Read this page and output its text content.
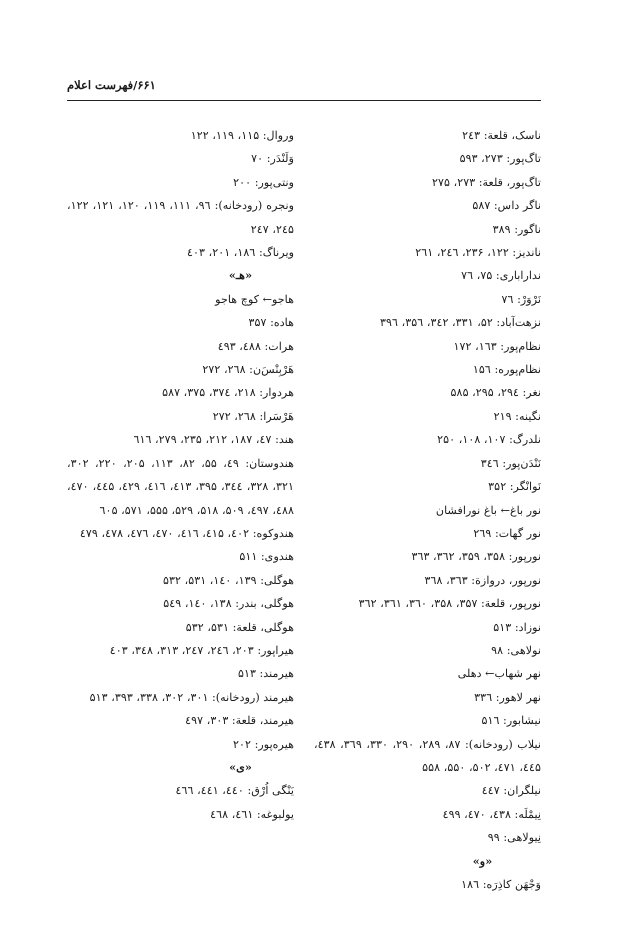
۶۶۱/فهرست اعلام
ناسک، قلعة: ۲٤۳
تاگ‌پور: ۲۷۳، ۵۹۳
تاگ‌پور، قلعة: ۲۷۳، ۲۷۵
ناگر داس: ۵۸۷
ناگور: ۳۸۹
نانديز: ۱۲۲، ۲۳۶، ۲٤٦، ۲٦۱
نداراباری: ۷۵، ۷٦
نَرْوَرْ: ۷٦
نزهت‌آباد: ۵۲، ۳۳۱، ۳٤۲، ۳۵٦، ۳۹٦
نظام‌پور: ۱٦۳، ۱۷۲
نظام‌پوره: ۱۵٦
نغر: ۲۹٤، ۲۹۵، ۵۸۵
نگینه: ۲۱۹
نلدرگ: ۱۰۷، ۱۰۸، ۲۵۰
نَنْدَن‌پور: ۳٤٦
نَوانْگر: ۳۵۲
نور باغ← باغ نورافشان
نور گهات: ۲٦۹
نورپور: ۳۵۸، ۳۵۹، ۳٦۲، ۳٦۳
نورپور، دروازة: ۳٦۳، ۳٦۸
نورپور، قلعة: ۳۵۷، ۳۵۸، ۳٦۰، ۳٦۱، ۳٦۲
نوزاد: ۵۱۳
نولاهی: ۹۸
نهر شهاب← دهلی
نهر لاهور: ۳۳٦
نیشابور: ۵۱٦
نیلاب (رودخانه): ۸۷، ۲۸۹، ۲۹۰، ۳۳۰، ۳٦۹، ٤۳۸، ٤٤۵، ٤۷۱، ۵۰۲، ۵۵۰، ۵۵۸
نیلگران: ٤٤۷
نِیمْلَه: ٤۳۸، ٤۷۰، ٤۹۹
نِیولاهی: ۹۹
«و»
وَجْهَن کاذِرَه: ۱۸٦
وروال: ۱۱۵، ۱۱۹، ۱۲۲
وَلَنْدَر: ۷۰
ونتی‌پور: ۲۰۰
ونجره (رودخانه): ۹٦، ۱۱۱، ۱۱۹، ۱۲۰، ۱۲۱، ۱۲۲، ۲٤۵، ۲٤۷
ویرناگ: ۱۸٦، ۲۰۱، ٤۰۳
«هـ»
هاجو← کوچ هاجو
هاده: ۳۵۷
هرات: ٤۸۸، ٤۹۳
هَرْبِنْسَ‌ن: ۲٦۸، ۲۷۲
هردوار: ۲۱۸، ۳۷٤، ۳۷۵، ۵۸۷
هَرْسَرا: ۲٦۸، ۲۷۲
هند: ٤۷، ۱۸۷، ۲۱۲، ۲۳۵، ۲۷۹، ٦۱٦
هندوستان: ٤۹، ۵۵، ۸۲، ۱۱۳، ۲۰۵، ۲۲۰، ۳۰۲، ۳۲۱، ۳۲۸، ۳٤٤، ۳۹۵، ٤۱۳، ٤۱٦، ٤۲۹، ٤٤۵، ٤۷۰، ٤۸۸، ٤۹۷، ۵۰۹، ۵۱۸، ۵۲۹، ۵۵۵، ۵۷۱، ٦۰۵
هندوکوه: ٤۰۲، ٤۱۵، ٤۱٦، ٤۷۰، ٤۷٦، ٤۷۸، ٤۷۹
هندوی: ۵۱۱
هوگلی: ۱۳۹، ۱٤۰، ۵۳۱، ۵۳۲
هوگلی، بندر: ۱۳۸، ۱٤۰، ۵٤۹
هوگلی، قلعة: ۵۳۱، ۵۳۲
هیراپور: ۲۰۳، ۲٤٦، ۲٤۷، ۳۱۳، ۳٤۸، ٤۰۳
هیرمند: ۵۱۳
هیرمند (رودخانه): ۳۰۱، ۳۰۲، ۳۳۸، ۳۹۳، ۵۱۳
هیرمند، قلعة: ۳۰۳، ٤۹۷
هیره‌پور: ۲۰۲
«ی»
یَنْگی اُرْق: ٤٤۰، ٤٤۱، ٤٦٦
یولبوغه: ٤٦۱، ٤٦۸
